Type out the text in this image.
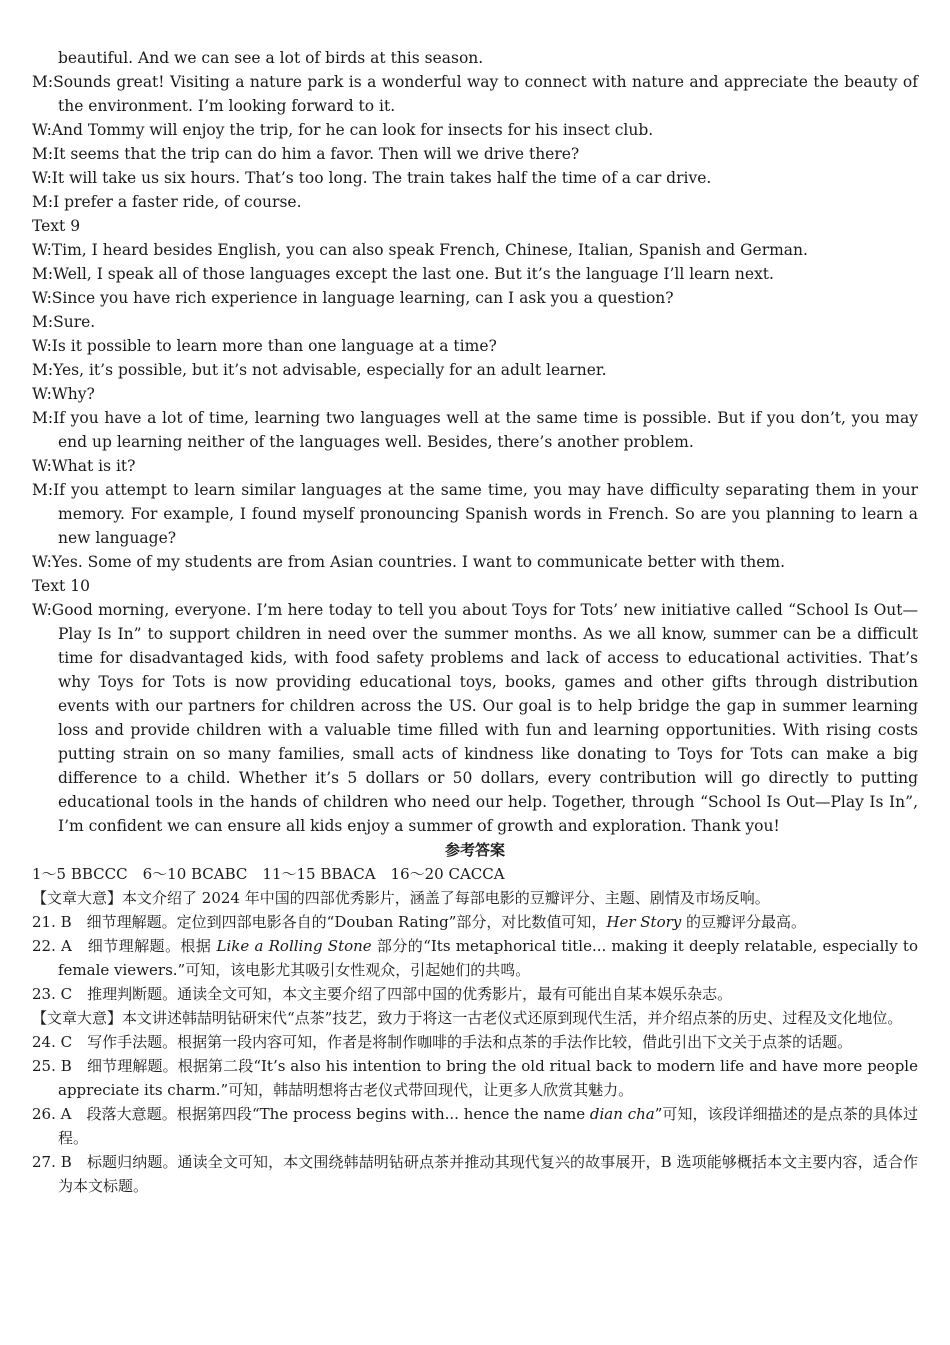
beautiful. And we can see a lot of birds at this season.

M:Sounds great! Visiting a nature park is a wonderful way to connect with nature and appreciate the beauty of the environment. I’m looking forward to it.

W:And Tommy will enjoy the trip, for he can look for insects for his insect club.

M:It seems that the trip can do him a favor. Then will we drive there?

W:It will take us six hours. That’s too long. The train takes half the time of a car drive.

M:I prefer a faster ride, of course.

Text 9

W:Tim, I heard besides English, you can also speak French, Chinese, Italian, Spanish and German.

M:Well, I speak all of those languages except the last one. But it’s the language I’ll learn next.

W:Since you have rich experience in language learning, can I ask you a question?

M:Sure.

W:Is it possible to learn more than one language at a time?

M:Yes, it’s possible, but it’s not advisable, especially for an adult learner.

W:Why?

M:If you have a lot of time, learning two languages well at the same time is possible. But if you don’t, you may end up learning neither of the languages well. Besides, there’s another problem.

W:What is it?

M:If you attempt to learn similar languages at the same time, you may have difficulty separating them in your memory. For example, I found myself pronouncing Spanish words in French. So are you planning to learn a new language?

W:Yes. Some of my students are from Asian countries. I want to communicate better with them.

Text 10

W:Good morning, everyone. I’m here today to tell you about Toys for Tots’ new initiative called “School Is Out—Play Is In” to support children in need over the summer months. As we all know, summer can be a difficult time for disadvantaged kids, with food safety problems and lack of access to educational activities. That’s why Toys for Tots is now providing educational toys, books, games and other gifts through distribution events with our partners for children across the US. Our goal is to help bridge the gap in summer learning loss and provide children with a valuable time filled with fun and learning opportunities. With rising costs putting strain on so many families, small acts of kindness like donating to Toys for Tots can make a big difference to a child. Whether it’s 5 dollars or 50 dollars, every contribution will go directly to putting educational tools in the hands of children who need our help. Together, through “School Is Out—Play Is In”, I’m confident we can ensure all kids enjoy a summer of growth and exploration. Thank you!

参考答案

1～5 BBCCC　6～10 BCABC　11～15 BBACA　16～20 CACCA

【文章大意】本文介绍了 2024 年中国的四部优秀影片，涵盖了每部电影的豆瓣评分、主题、剧情及市场反响。

21. B　 细节理解题。定位到四部电影各自的“Douban Rating”部分，对比数值可知，Her Story 的豆瓣评分最高。

22. A　 细节理解题。根据 Like a Rolling Stone 部分的“Its metaphorical title... making it deeply relatable, especially to female viewers.”可知，该电影尤其吸引女性观众，引起她们的共鸣。

23. C　 推理判断题。通读全文可知，本文主要介绍了四部中国的优秀影片，最有可能出自某本娱乐杂志。

【文章大意】本文讲述韩喆明钻研宋代“点茶”技艺，致力于将这一古老仪式还原到现代生活，并介绍点茶的历史、过程及文化地位。

24. C　 写作手法题。根据第一段内容可知，作者是将制作咖啡的手法和点茶的手法作比较，借此引出下文关于点茶的话题。

25. B　 细节理解题。根据第二段“It’s also his intention to bring the old ritual back to modern life and have more people appreciate its charm.”可知，韩喆明想将古老仪式带回现代，让更多人欣赏其魅力。

26. A　 段落大意题。根据第四段“The process begins with... hence the name dian cha”可知，该段详细描述的是点茶的具体过程。

27. B　 标题归纳题。通读全文可知，本文围绕韩喆明钻研点茶并推动其现代复兴的故事展开，B 选项能够概括本文主要内容，适合作为本文标题。
